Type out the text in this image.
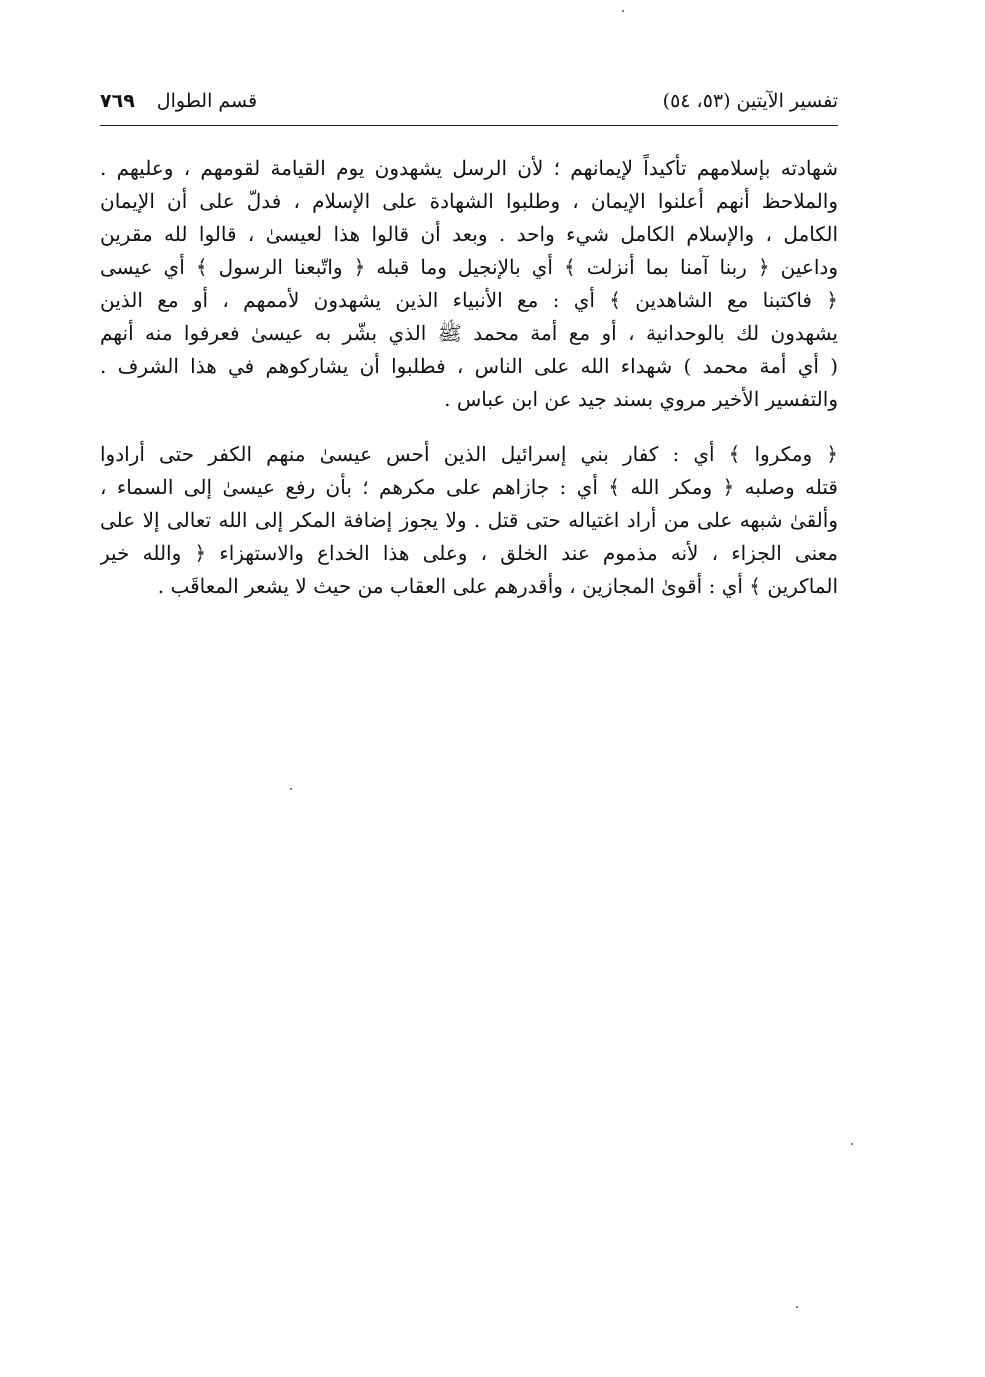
تفسير الآيتين (٥٣، ٥٤)
قسم الطوال
٧٦٩
شهادته بإسلامهم تأكيداً لإيمانهم ؛ لأن الرسل يشهدون يوم القيامة لقومهم ، وعليهم .
والملاحظ أنهم أعلنوا الإيمان ، وطلبوا الشهادة على الإسلام ، فدلّ على أن الإيمان
الكامل ، والإسلام الكامل شيء واحد . وبعد أن قالوا هذا لعيسىٰ ، قالوا لله مقرين
وداعين ﴿ ربنا آمنا بما أنزلت ﴾ أي بالإنجيل وما قبله ﴿ واتّبعنا الرسول ﴾ أي عيسى
﴿ فاكتبنا مع الشاهدين ﴾ أي : مع الأنبياء الذين يشهدون لأممهم ، أو مع الذين
يشهدون لك بالوحدانية ، أو مع أمة محمد ﷺ الذي بشّر به عيسىٰ فعرفوا منه أنهم
( أي أمة محمد ) شهداء الله على الناس ، فطلبوا أن يشاركوهم في هذا الشرف .
والتفسير الأخير مروي بسند جيد عن ابن عباس .
﴿ ومكروا ﴾ أي : كفار بني إسرائيل الذين أحس عيسىٰ منهم الكفر حتى أرادوا
قتله وصلبه ﴿ ومكر الله ﴾ أي : جازاهم على مكرهم ؛ بأن رفع عيسىٰ إلى السماء ،
وألقىٰ شبهه على من أراد اغتياله حتى قتل . ولا يجوز إضافة المكر إلى الله تعالى إلا على
معنى الجزاء ، لأنه مذموم عند الخلق ، وعلى هذا الخداع والاستهزاء ﴿ والله خير
الماكرين ﴾ أي : أقوىٰ المجازين ، وأقدرهم على العقاب من حيث لا يشعر المعاقَب .
